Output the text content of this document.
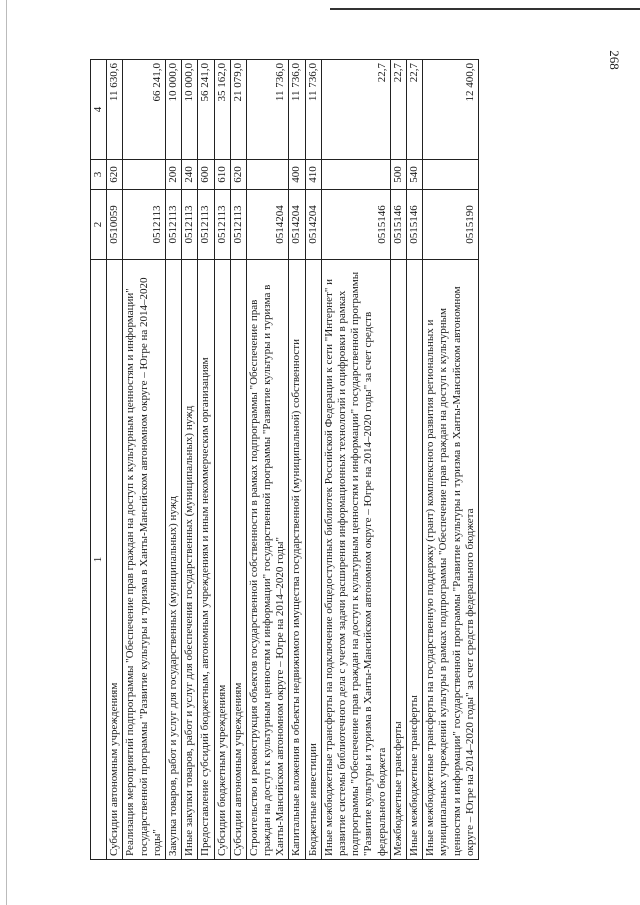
268
1	2	3	4
Субсидии автономным учреждениям	0510059	620	11 630,6
Реализация мероприятий подпрограммы "Обеспечение прав граждан на доступ к культурным ценностям и информации" государственной программы "Развитие культуры и туризма в Ханты-Мансийском автономном округе – Югре на 2014–2020 годы"	0512113		66 241,0
Закупка товаров, работ и услуг для государственных (муниципальных) нужд	0512113	200	10 000,0
Иные закупки товаров, работ и услуг для обеспечения государственных (муниципальных) нужд	0512113	240	10 000,0
Предоставление субсидий бюджетным, автономным учреждениям и иным некоммерческим организациям	0512113	600	56 241,0
Субсидии бюджетным учреждениям	0512113	610	35 162,0
Субсидии автономным учреждениям	0512113	620	21 079,0
Строительство и реконструкция объектов государственной собственности в рамках подпрограммы "Обеспечение прав граждан на доступ к культурным ценностям и информации" государственной программы "Развитие культуры и туризма в Ханты-Мансийском автономном округе – Югре на 2014–2020 годы"	0514204		11 736,0
Капитальные вложения в объекты недвижимого имущества государственной (муниципальной) собственности	0514204	400	11 736,0
Бюджетные инвестиции	0514204	410	11 736,0
Иные межбюджетные трансферты на подключение общедоступных библиотек Российской Федерации к сети "Интернет" и развитие системы библиотечного дела с учетом задачи расширения информационных технологий и оцифровки в рамках подпрограммы "Обеспечение прав граждан на доступ к культурным ценностям и информации" государственной программы "Развитие культуры и туризма в Ханты-Мансийском автономном округе – Югре на 2014–2020 годы" за счет средств федерального бюджета	0515146		22,7
Межбюджетные трансферты	0515146	500	22,7
Иные межбюджетные трансферты	0515146	540	22,7
Иные межбюджетные трансферты на государственную поддержку (грант) комплексного развития региональных и муниципальных учреждений культуры в рамках подпрограммы "Обеспечение прав граждан на доступ к культурным ценностям и информации" государственной программы "Развитие культуры и туризма в Ханты-Мансийском автономном округе – Югре на 2014–2020 годы" за счет средств федерального бюджета	0515190		12 400,0
